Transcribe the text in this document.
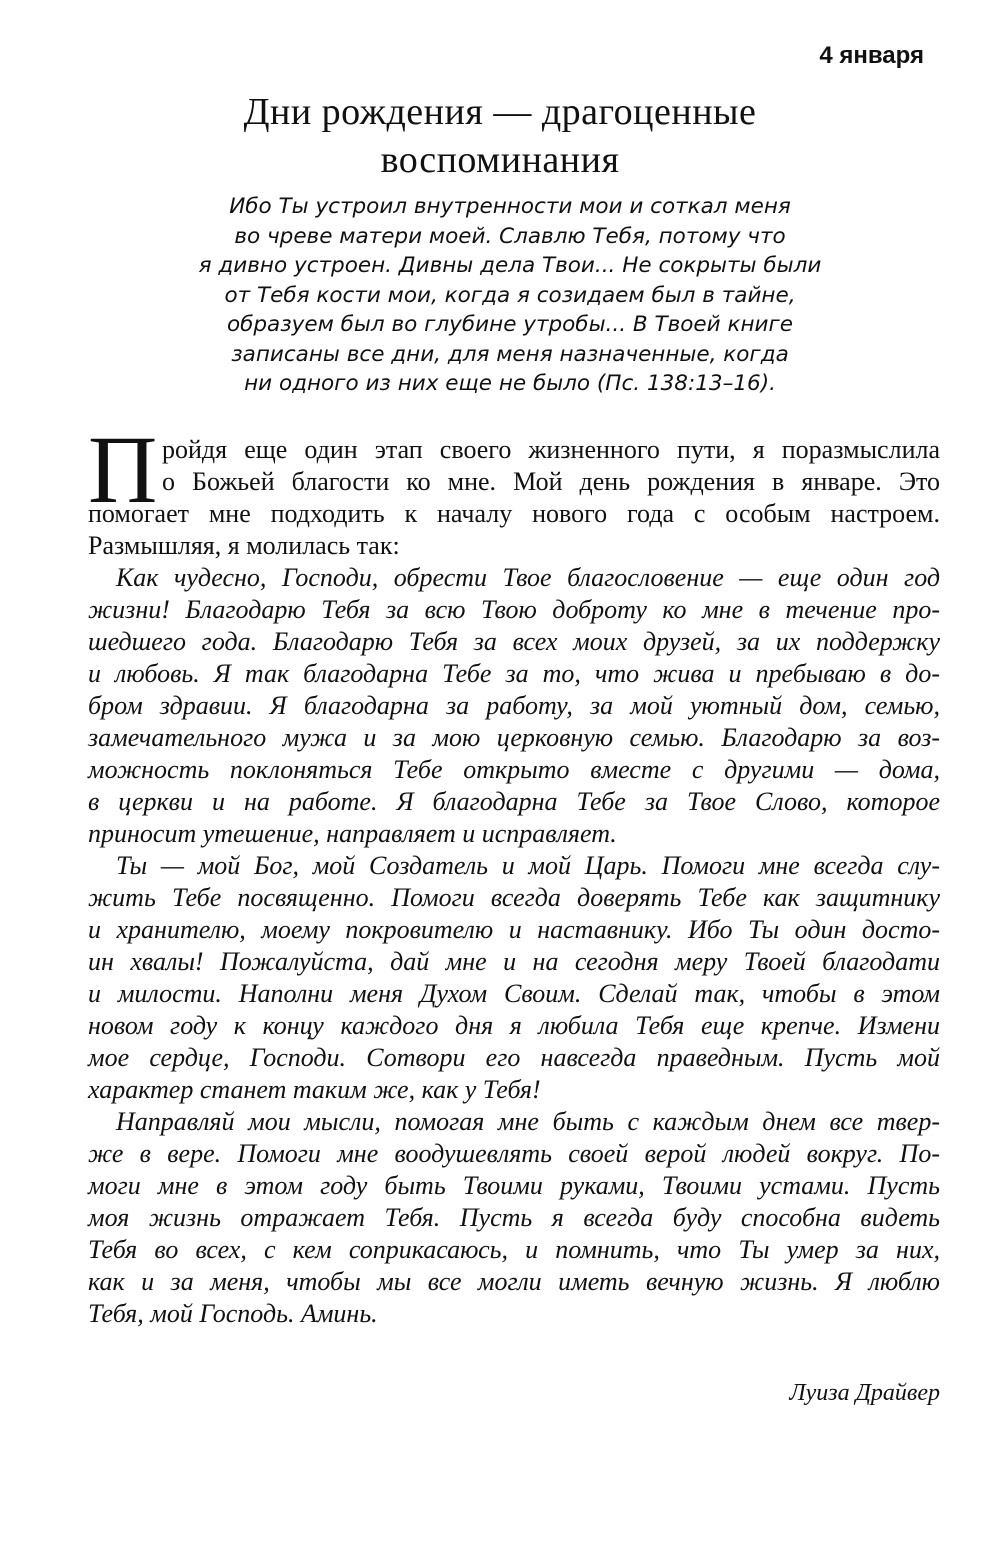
4 января
Дни рождения — драгоценные
воспоминания
Ибо Ты устроил внутренности мои и соткал меня
во чреве матери моей. Славлю Тебя, потому что
я дивно устроен. Дивны дела Твои... Не сокрыты были
от Тебя кости мои, когда я созидаем был в тайне,
образуем был во глубине утробы... В Твоей книге
записаны все дни, для меня назначенные, когда
ни одного из них еще не было (Пс. 138:13–16).
П ройдя еще один этап своего жизненного пути, я поразмыслила
о Божьей благости ко мне. Мой день рождения в январе. Это
помогает мне подходить к началу нового года с особым настроем.
Размышляя, я молилась так:
Как чудесно, Господи, обрести Твое благословение — еще один год
жизни! Благодарю Тебя за всю Твою доброту ко мне в течение про-
шедшего года. Благодарю Тебя за всех моих друзей, за их поддержку
и любовь. Я так благодарна Тебе за то, что жива и пребываю в до-
бром здравии. Я благодарна за работу, за мой уютный дом, семью,
замечательного мужа и за мою церковную семью. Благодарю за воз-
можность поклоняться Тебе открыто вместе с другими — дома,
в церкви и на работе. Я благодарна Тебе за Твое Слово, которое
приносит утешение, направляет и исправляет.
Ты — мой Бог, мой Создатель и мой Царь. Помоги мне всегда слу-
жить Тебе посвященно. Помоги всегда доверять Тебе как защитнику
и хранителю, моему покровителю и наставнику. Ибо Ты один досто-
ин хвалы! Пожалуйста, дай мне и на сегодня меру Твоей благодати
и милости. Наполни меня Духом Своим. Сделай так, чтобы в этом
новом году к концу каждого дня я любила Тебя еще крепче. Измени
мое сердце, Господи. Сотвори его навсегда праведным. Пусть мой
характер станет таким же, как у Тебя!
Направляй мои мысли, помогая мне быть с каждым днем все твер-
же в вере. Помоги мне воодушевлять своей верой людей вокруг. По-
моги мне в этом году быть Твоими руками, Твоими устами. Пусть
моя жизнь отражает Тебя. Пусть я всегда буду способна видеть
Тебя во всех, с кем соприкасаюсь, и помнить, что Ты умер за них,
как и за меня, чтобы мы все могли иметь вечную жизнь. Я люблю
Тебя, мой Господь. Аминь.
Луиза Драйвер
